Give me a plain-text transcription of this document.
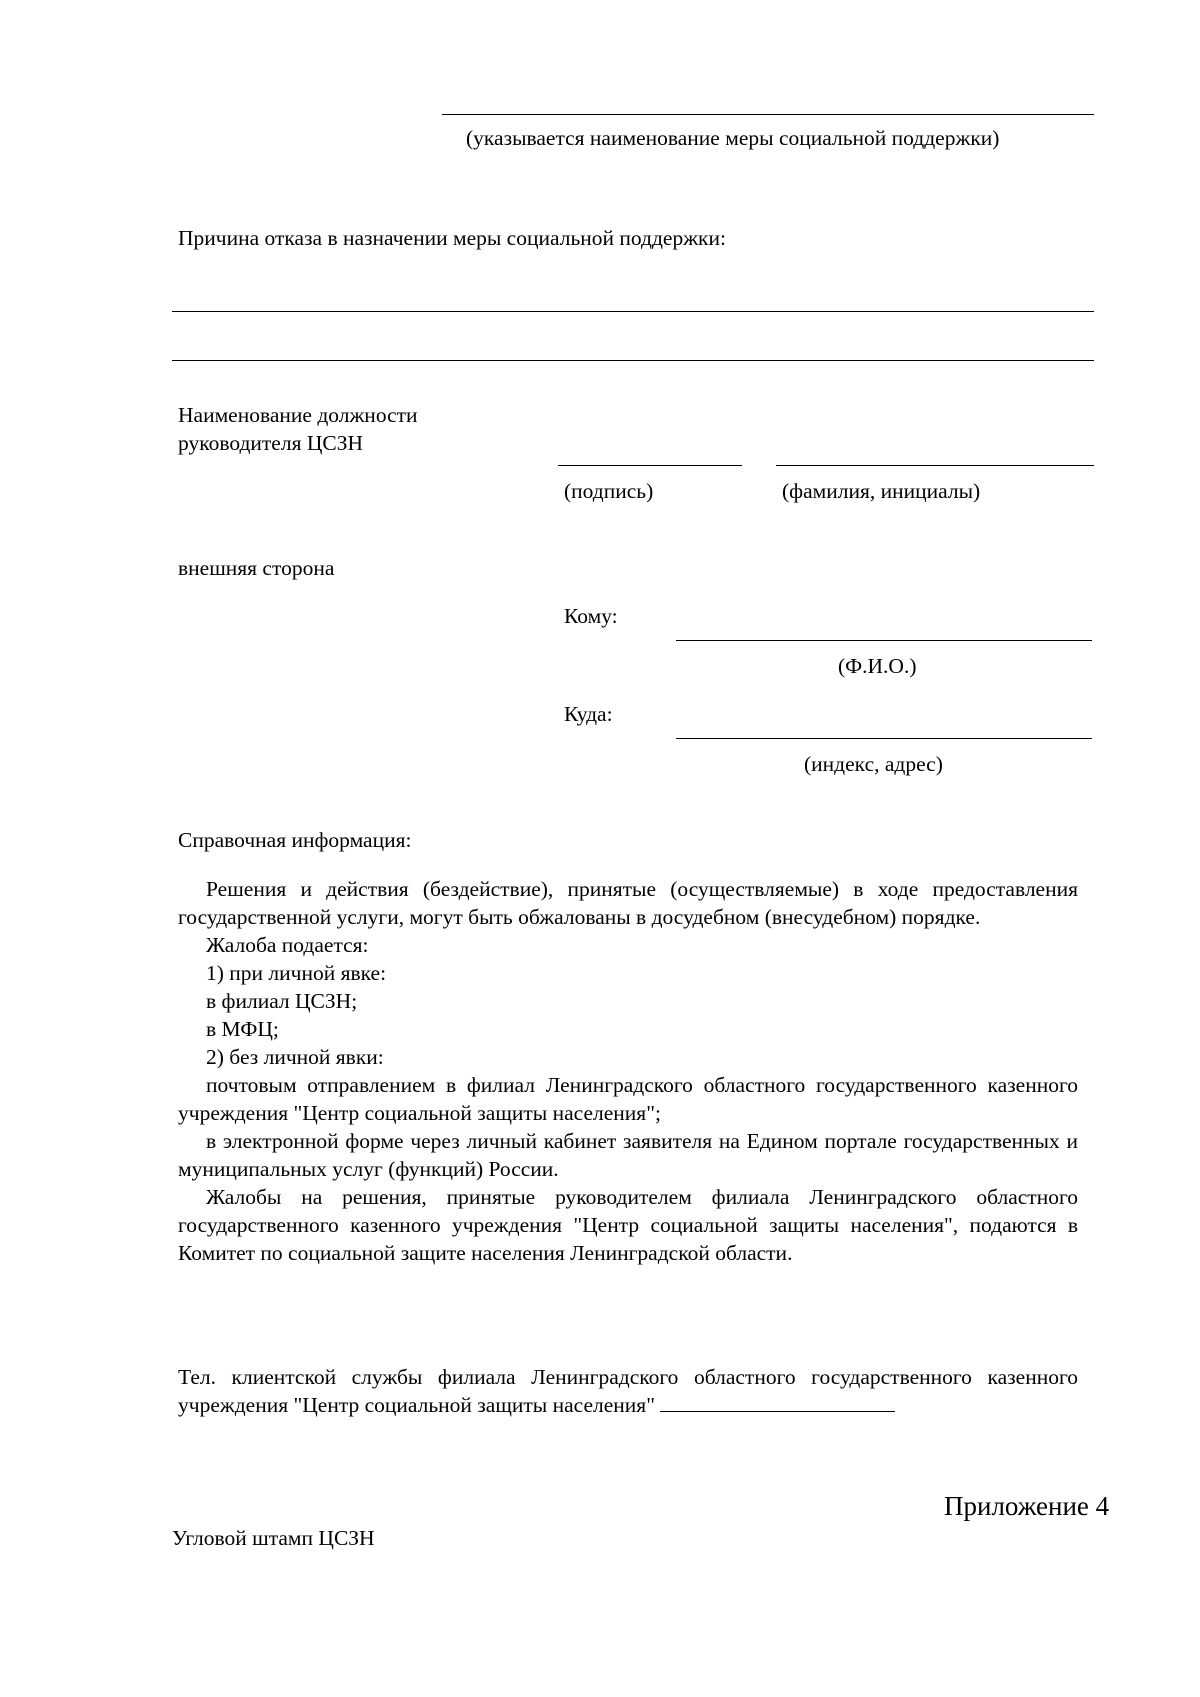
(указывается наименование меры социальной поддержки)
Причина отказа в назначении меры социальной поддержки:
Наименование должности
руководителя ЦСЗН
(подпись)	(фамилия, инициалы)
внешняя сторона
Кому:
(Ф.И.О.)
Куда:
(индекс, адрес)
Справочная информация:

Решения и действия (бездействие), принятые (осуществляемые) в ходе предоставления государственной услуги, могут быть обжалованы в досудебном (внесудебном) порядке.

Жалоба подается:

1) при личной явке:

в филиал ЦСЗН;

в МФЦ;

2) без личной явки:

почтовым отправлением в филиал Ленинградского областного государственного казенного учреждения "Центр социальной защиты населения";

в электронной форме через личный кабинет заявителя на Едином портале государственных и муниципальных услуг (функций) России.

Жалобы на решения, принятые руководителем филиала Ленинградского областного государственного казенного учреждения "Центр социальной защиты населения", подаются в Комитет по социальной защите населения Ленинградской области.

Тел. клиентской службы филиала Ленинградского областного государственного казенного учреждения "Центр социальной защиты населения"
Приложение 4
Угловой штамп ЦСЗН
